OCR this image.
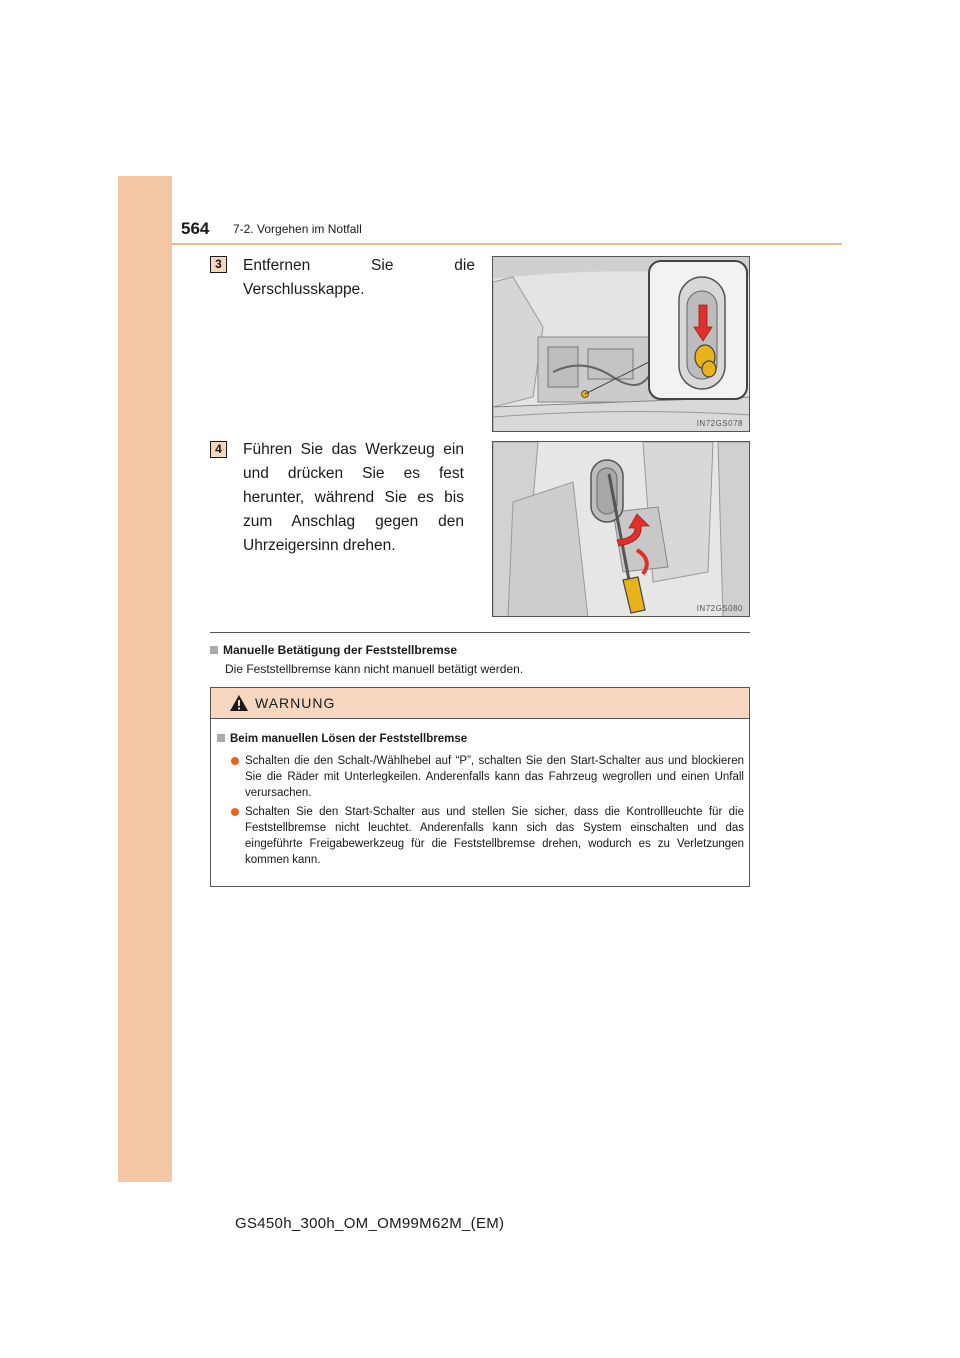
564 7-2. Vorgehen im Notfall
3	Entfernen Sie die Verschlusskappe.
IN72GS078
4	Führen Sie das Werkzeug ein und drücken Sie es fest herunter, während Sie es bis zum Anschlag gegen den Uhrzeigersinn drehen.
IN72GS080
Manuelle Betätigung der Feststellbremse
Die Feststellbremse kann nicht manuell betätigt werden.
WARNUNG
Beim manuellen Lösen der Feststellbremse
Schalten die den Schalt-/Wählhebel auf “P”, schalten Sie den Start-Schalter aus und blockieren Sie die Räder mit Unterlegkeilen. Anderenfalls kann das Fahrzeug wegrollen und einen Unfall verursachen.
Schalten Sie den Start-Schalter aus und stellen Sie sicher, dass die Kontrollleuchte für die Feststellbremse nicht leuchtet. Anderenfalls kann sich das System einschalten und das eingeführte Freigabewerkzeug für die Feststellbremse drehen, wodurch es zu Verletzungen kommen kann.
GS450h_300h_OM_OM99M62M_(EM)
